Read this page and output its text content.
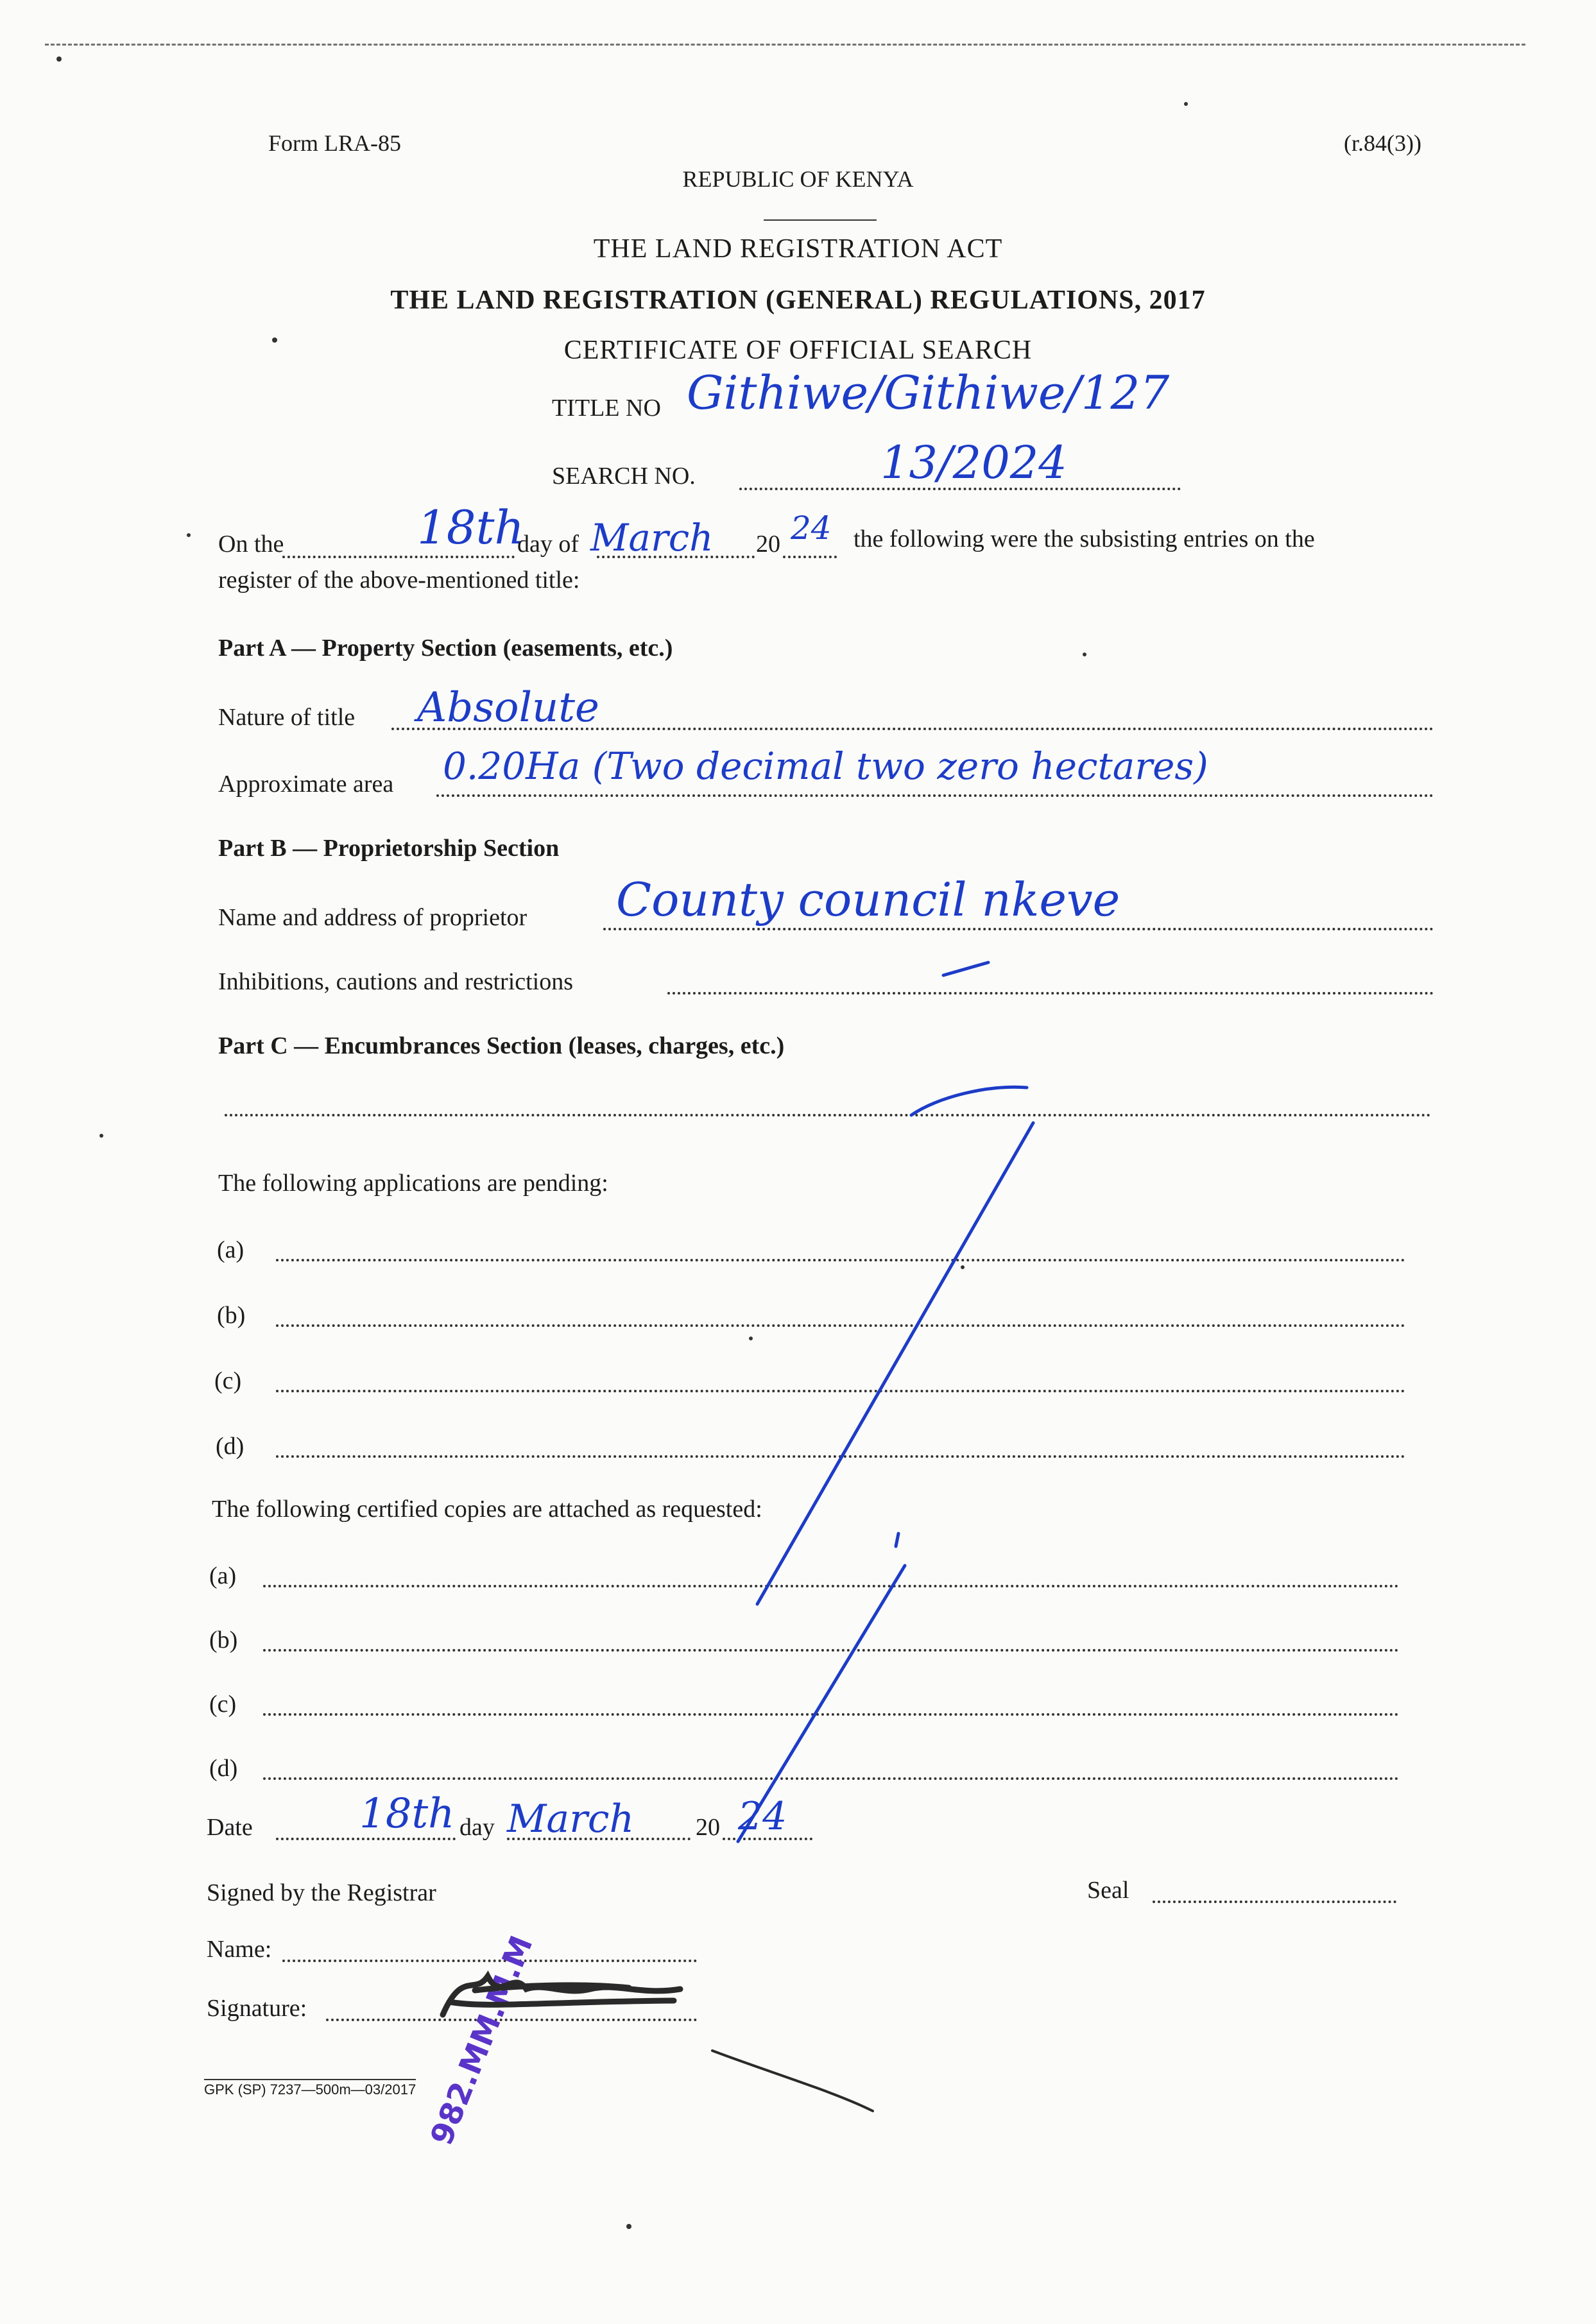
Form LRA-85	(r.84(3))
REPUBLIC OF KENYA
THE LAND REGISTRATION ACT
THE LAND REGISTRATION (GENERAL) REGULATIONS, 2017
CERTIFICATE OF OFFICIAL SEARCH
TITLE NO Githiwe/Githiwe/127
SEARCH NO.	13/2024
On the	18th
day of March 20 24 the following were the subsisting entries on the
register of the above-mentioned title:
Part A — Property Section (easements, etc.)
Nature of title Absolute
Approximate area 0.20Ha (Two decimal two zero hectares)
Part B — Proprietorship Section
Name and address of proprietor County council nkeve
Inhibitions, cautions and restrictions
Part C — Encumbrances Section (leases, charges, etc.)
The following applications are pending:
(a)
(b)
(c)
(d)
The following certified copies are attached as requested:
(a)
(b)
(c)
(d)
Date	18th day March	20 24
Signed by the Registrar	Seal
Name:
Signature:
GPK (SP) 7237—500m—03/2017 982.MM.M.M
